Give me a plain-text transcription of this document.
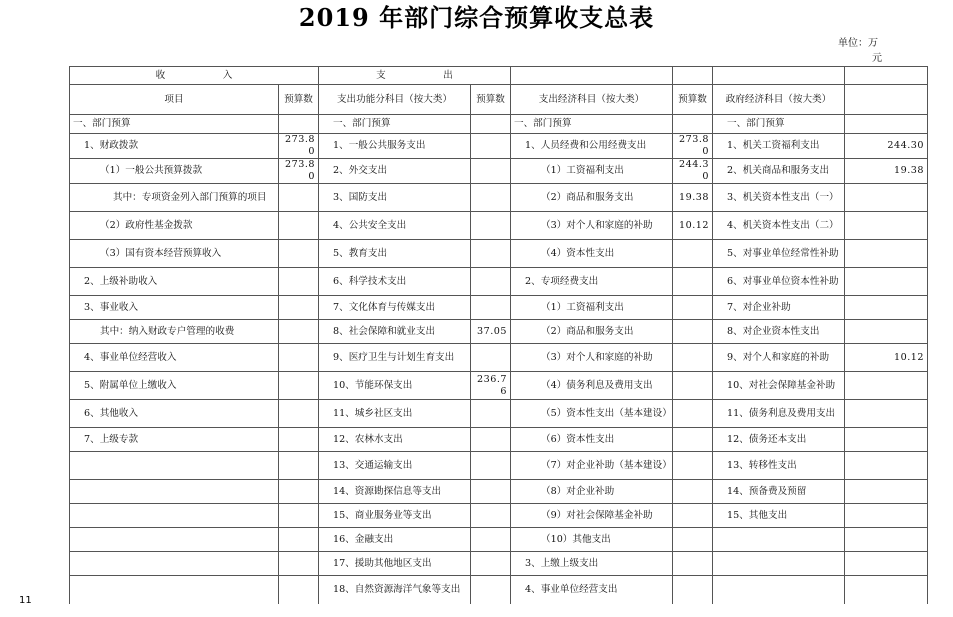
2019 年部门综合预算收支总表
单位：万
元
收　　　　　　入		支　　　　　　出					
项目	预算数	支出功能分科目（按大类）	预算数	支出经济科目（按大类）	预算数	政府经济科目（按大类）	
一、部门预算		一、部门预算		一、部门预算		一、部门预算	
1、财政拨款	273.80	1、一般公共服务支出		1、人员经费和公用经费支出	273.80	1、机关工资福利支出	244.30
（1）一般公共预算拨款	273.80	2、外交支出		（1）工资福利支出	244.30	2、机关商品和服务支出	19.38
其中：专项资金列入部门预算的项目		3、国防支出		（2）商品和服务支出	19.38	3、机关资本性支出（一）	
（2）政府性基金拨款		4、公共安全支出		（3）对个人和家庭的补助	10.12	4、机关资本性支出（二）	
（3）国有资本经营预算收入		5、教育支出		（4）资本性支出		5、对事业单位经常性补助	
2、上级补助收入		6、科学技术支出		2、专项经费支出		6、对事业单位资本性补助	
3、事业收入		7、文化体育与传媒支出		（1）工资福利支出		7、对企业补助	
其中：纳入财政专户管理的收费		8、社会保障和就业支出	37.05	（2）商品和服务支出		8、对企业资本性支出	
4、事业单位经营收入		9、医疗卫生与计划生育支出		（3）对个人和家庭的补助		9、对个人和家庭的补助	10.12
5、附属单位上缴收入		10、节能环保支出	236.76	（4）债务利息及费用支出		10、对社会保障基金补助	
6、其他收入		11、城乡社区支出		（5）资本性支出（基本建设）		11、债务利息及费用支出	
7、上级专款		12、农林水支出		（6）资本性支出		12、债务还本支出	
		13、交通运输支出		（7）对企业补助（基本建设）		13、转移性支出	
		14、资源勘探信息等支出		（8）对企业补助		14、预备费及预留	
		15、商业服务业等支出		（9）对社会保障基金补助		15、其他支出	
		16、金融支出		（10）其他支出			
		17、援助其他地区支出		3、上缴上级支出			
		18、自然资源海洋气象等支出		4、事业单位经营支出			
11
